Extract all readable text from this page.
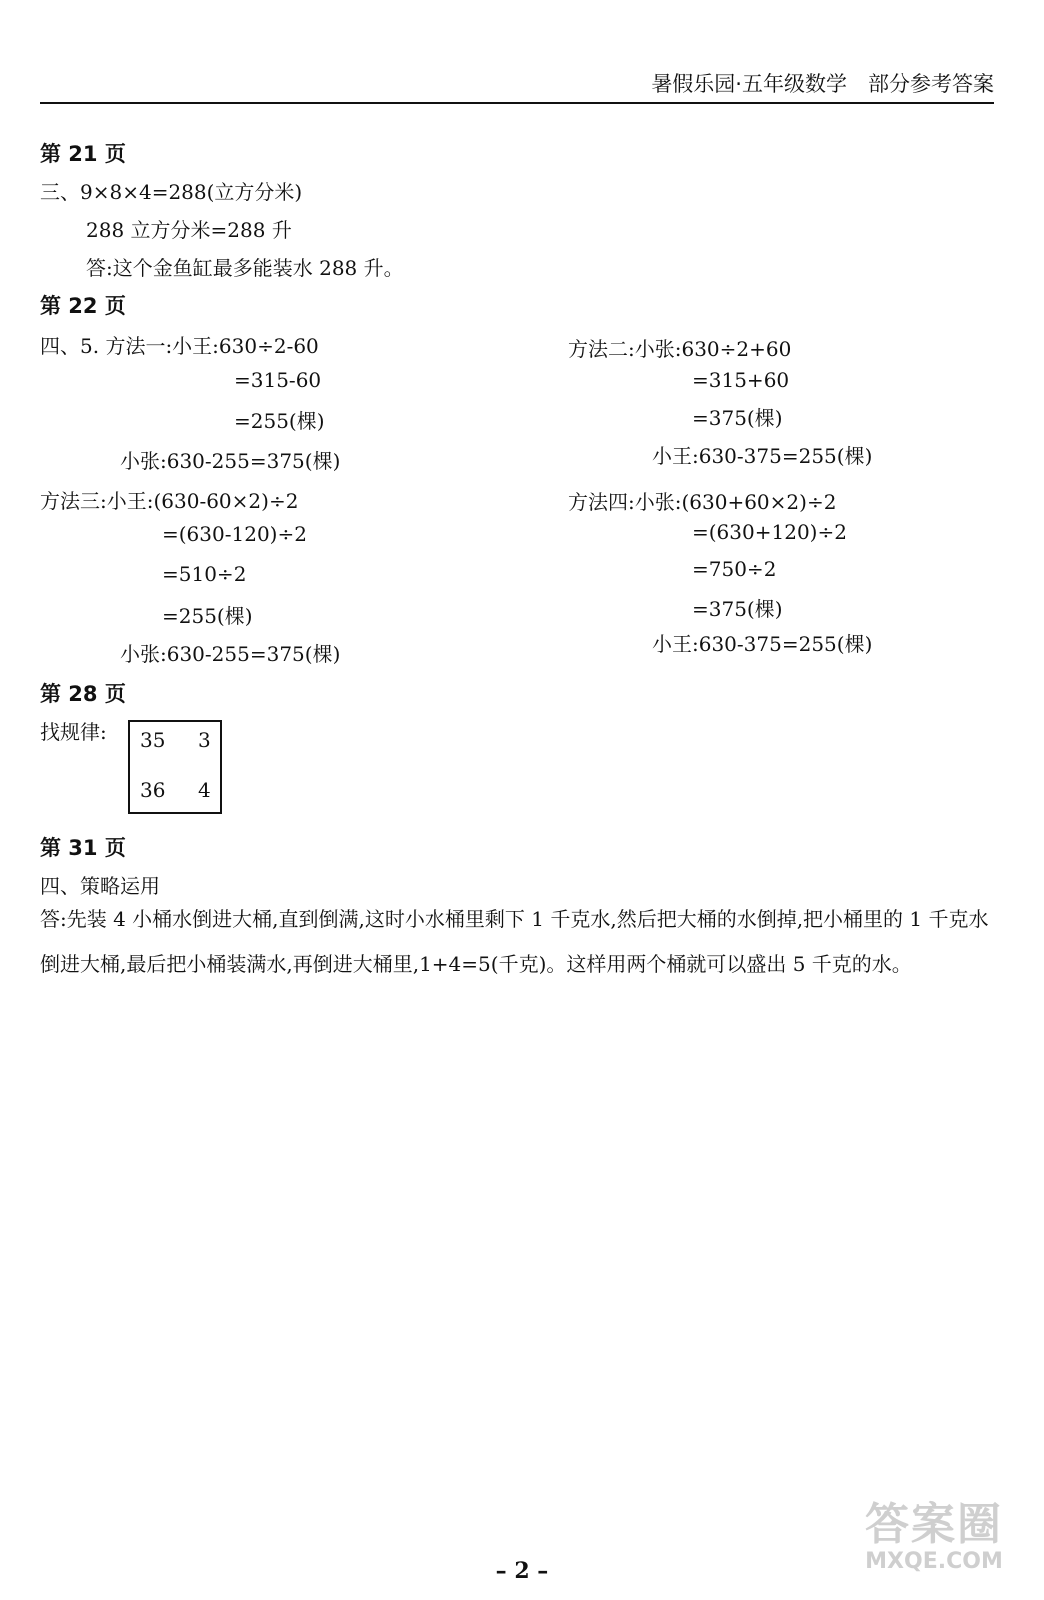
暑假乐园·五年级数学　部分参考答案
第 21 页
三、9×8×4=288(立方分米)
288 立方分米=288 升
答:这个金鱼缸最多能装水 288 升。
第 22 页
四、5. 方法一:小王:630÷2-60
=315-60
=255(棵)
小张:630-255=375(棵)
方法二:小张:630÷2+60
=315+60
=375(棵)
小王:630-375=255(棵)
方法三:小王:(630-60×2)÷2
=(630-120)÷2
=510÷2
=255(棵)
小张:630-255=375(棵)
方法四:小张:(630+60×2)÷2
=(630+120)÷2
=750÷2
=375(棵)
小王:630-375=255(棵)
第 28 页
找规律: 35 3
36 4
第 31 页
四、策略运用
答:先装 4 小桶水倒进大桶,直到倒满,这时小水桶里剩下 1 千克水,然后把大桶的水倒掉,把小桶里的 1 千克水倒进大桶,最后把小桶装满水,再倒进大桶里,1+4=5(千克)。这样用两个桶就可以盛出 5 千克的水。
答案圈
MXQE.COM
– 2 –
